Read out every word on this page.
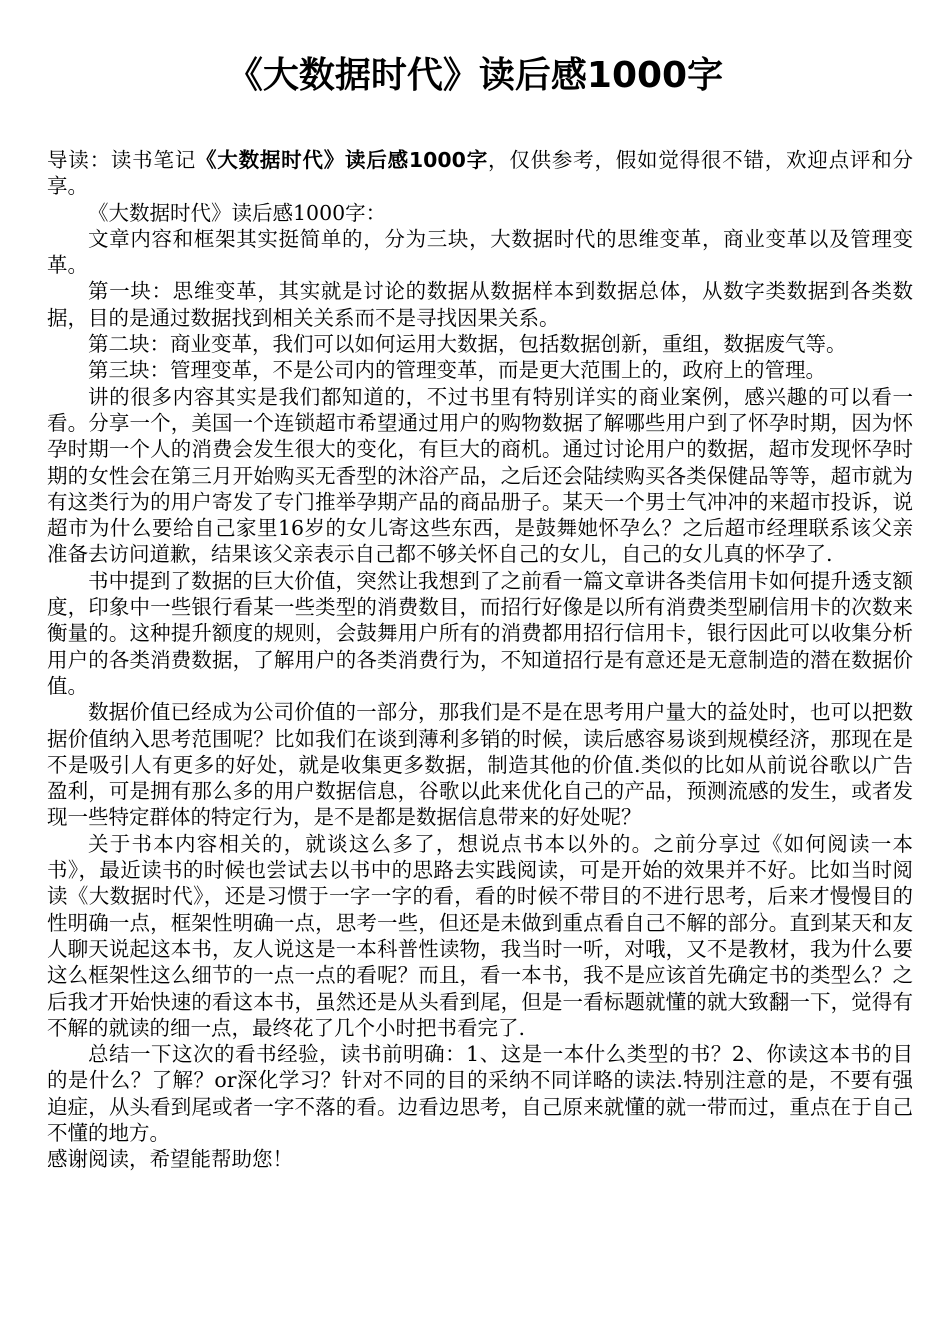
《大数据时代》读后感1000字

导读：读书笔记《大数据时代》读后感1000字，仅供参考，假如觉得很不错，欢迎点评和分享。

《大数据时代》读后感1000字：

文章内容和框架其实挺简单的，分为三块，大数据时代的思维变革，商业变革以及管理变革。

第一块：思维变革，其实就是讨论的数据从数据样本到数据总体，从数字类数据到各类数据，目的是通过数据找到相关关系而不是寻找因果关系。

第二块：商业变革，我们可以如何运用大数据，包括数据创新，重组，数据废气等。

第三块：管理变革，不是公司内的管理变革，而是更大范围上的，政府上的管理。

讲的很多内容其实是我们都知道的，不过书里有特别详实的商业案例，感兴趣的可以看一看。分享一个，美国一个连锁超市希望通过用户的购物数据了解哪些用户到了怀孕时期，因为怀孕时期一个人的消费会发生很大的变化，有巨大的商机。通过讨论用户的数据，超市发现怀孕时期的女性会在第三月开始购买无香型的沐浴产品，之后还会陆续购买各类保健品等等，超市就为有这类行为的用户寄发了专门推举孕期产品的商品册子。某天一个男士气冲冲的来超市投诉，说超市为什么要给自己家里16岁的女儿寄这些东西，是鼓舞她怀孕么？之后超市经理联系该父亲准备去访问道歉，结果该父亲表示自己都不够关怀自己的女儿，自己的女儿真的怀孕了.

书中提到了数据的巨大价值，突然让我想到了之前看一篇文章讲各类信用卡如何提升透支额度，印象中一些银行看某一些类型的消费数目，而招行好像是以所有消费类型刷信用卡的次数来衡量的。这种提升额度的规则，会鼓舞用户所有的消费都用招行信用卡，银行因此可以收集分析用户的各类消费数据，了解用户的各类消费行为，不知道招行是有意还是无意制造的潜在数据价值。

数据价值已经成为公司价值的一部分，那我们是不是在思考用户量大的益处时，也可以把数据价值纳入思考范围呢？比如我们在谈到薄利多销的时候，读后感容易谈到规模经济，那现在是不是吸引人有更多的好处，就是收集更多数据，制造其他的价值.类似的比如从前说谷歌以广告盈利，可是拥有那么多的用户数据信息，谷歌以此来优化自己的产品，预测流感的发生，或者发现一些特定群体的特定行为，是不是都是数据信息带来的好处呢？

关于书本内容相关的，就谈这么多了，想说点书本以外的。之前分享过《如何阅读一本书》，最近读书的时候也尝试去以书中的思路去实践阅读，可是开始的效果并不好。比如当时阅读《大数据时代》，还是习惯于一字一字的看，看的时候不带目的不进行思考，后来才慢慢目的性明确一点，框架性明确一点，思考一些，但还是未做到重点看自己不解的部分。直到某天和友人聊天说起这本书，友人说这是一本科普性读物，我当时一听，对哦，又不是教材，我为什么要这么框架性这么细节的一点一点的看呢？而且，看一本书，我不是应该首先确定书的类型么？之后我才开始快速的看这本书，虽然还是从头看到尾，但是一看标题就懂的就大致翻一下，觉得有不解的就读的细一点，最终花了几个小时把书看完了.

总结一下这次的看书经验，读书前明确：1、这是一本什么类型的书？2、你读这本书的目的是什么？了解？or深化学习？针对不同的目的采纳不同详略的读法.特别注意的是，不要有强迫症，从头看到尾或者一字不落的看。边看边思考，自己原来就懂的就一带而过，重点在于自己不懂的地方。

感谢阅读，希望能帮助您！
